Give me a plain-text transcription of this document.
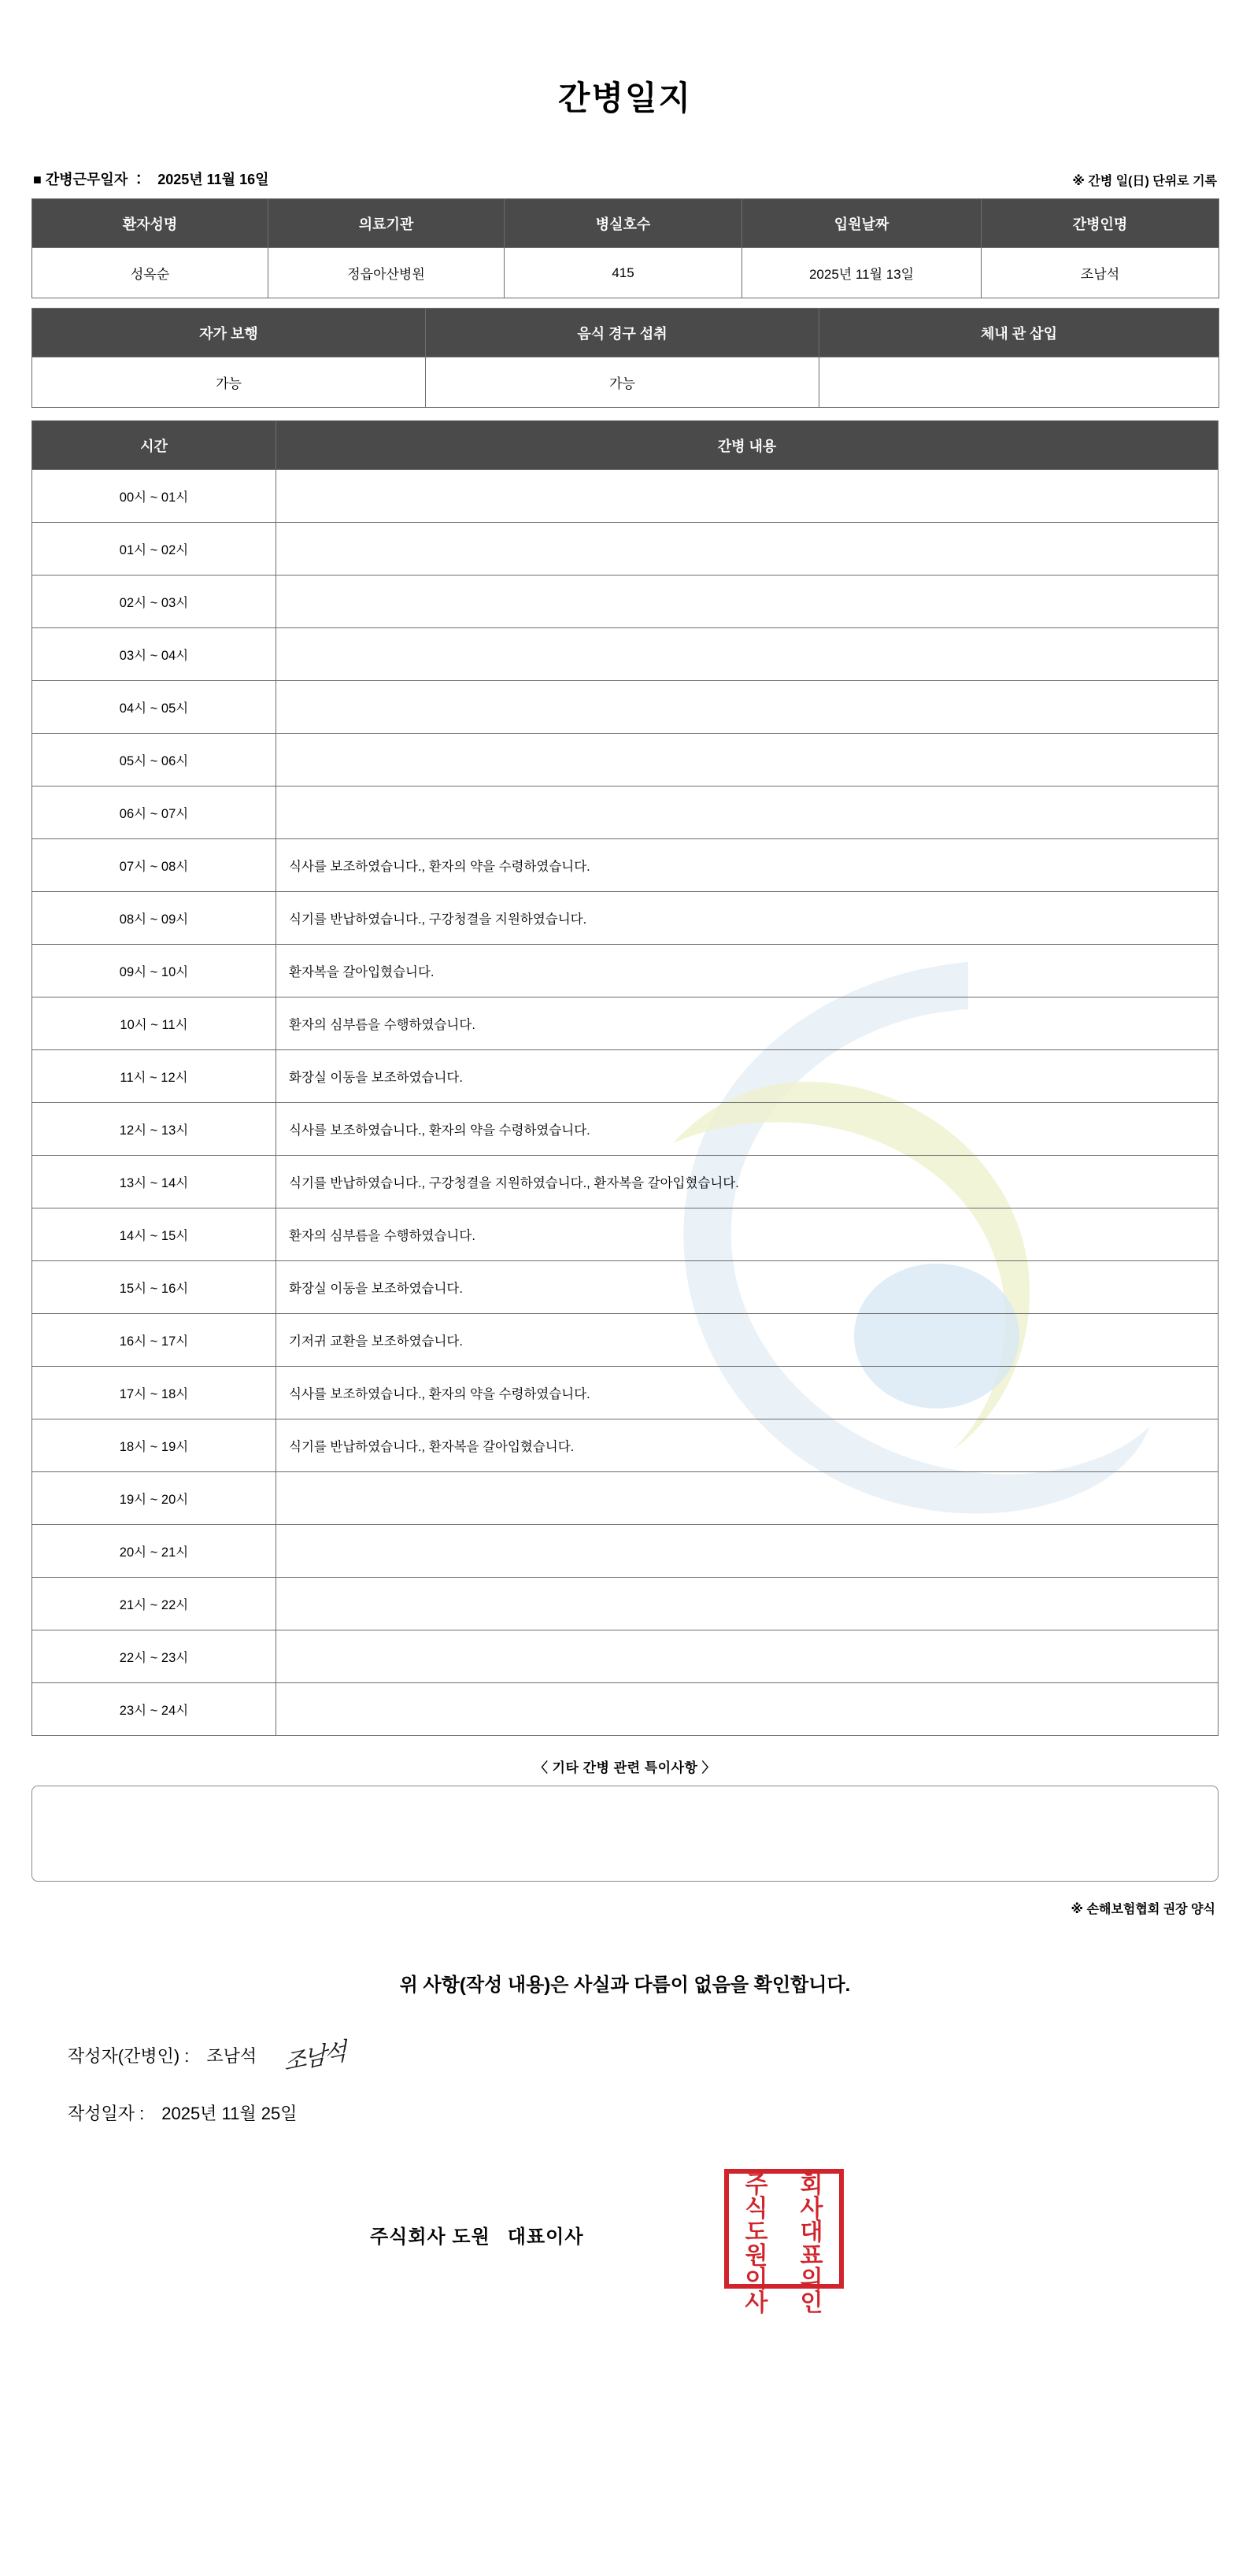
간병일지
■ 간병근무일자 ： 2025년 11월 16일	※ 간병 일(日) 단위로 기록
환자성명	의료기관	병실호수	입원날짜	간병인명
성옥순	정읍아산병원	415	2025년 11월 13일	조남석
자가 보행	음식 경구 섭취	체내 관 삽입
가능	가능	
시간	간병 내용
00시 ~ 01시	
01시 ~ 02시	
02시 ~ 03시	
03시 ~ 04시	
04시 ~ 05시	
05시 ~ 06시	
06시 ~ 07시	
07시 ~ 08시	식사를 보조하였습니다., 환자의 약을 수령하였습니다.
08시 ~ 09시	식기를 반납하였습니다., 구강청결을 지원하였습니다.
09시 ~ 10시	환자복을 갈아입혔습니다.
10시 ~ 11시	환자의 심부름을 수행하였습니다.
11시 ~ 12시	화장실 이동을 보조하였습니다.
12시 ~ 13시	식사를 보조하였습니다., 환자의 약을 수령하였습니다.
13시 ~ 14시	식기를 반납하였습니다., 구강청결을 지원하였습니다., 환자복을 갈아입혔습니다.
14시 ~ 15시	환자의 심부름을 수행하였습니다.
15시 ~ 16시	화장실 이동을 보조하였습니다.
16시 ~ 17시	기저귀 교환을 보조하였습니다.
17시 ~ 18시	식사를 보조하였습니다., 환자의 약을 수령하였습니다.
18시 ~ 19시	식기를 반납하였습니다., 환자복을 갈아입혔습니다.
19시 ~ 20시	
20시 ~ 21시	
21시 ~ 22시	
22시 ~ 23시	
23시 ~ 24시	
〈 기타 간병 관련 특이사항 〉
※ 손해보험협회 권장 양식
위 사항(작성 내용)은 사실과 다름이 없음을 확인합니다.
작성자(간병인) : 조남석 조남석
작성일자 : 2025년 11월 25일
주식회사 도원 대표이사
주 회
식 사
도 대
원 표
이 의
사 인
